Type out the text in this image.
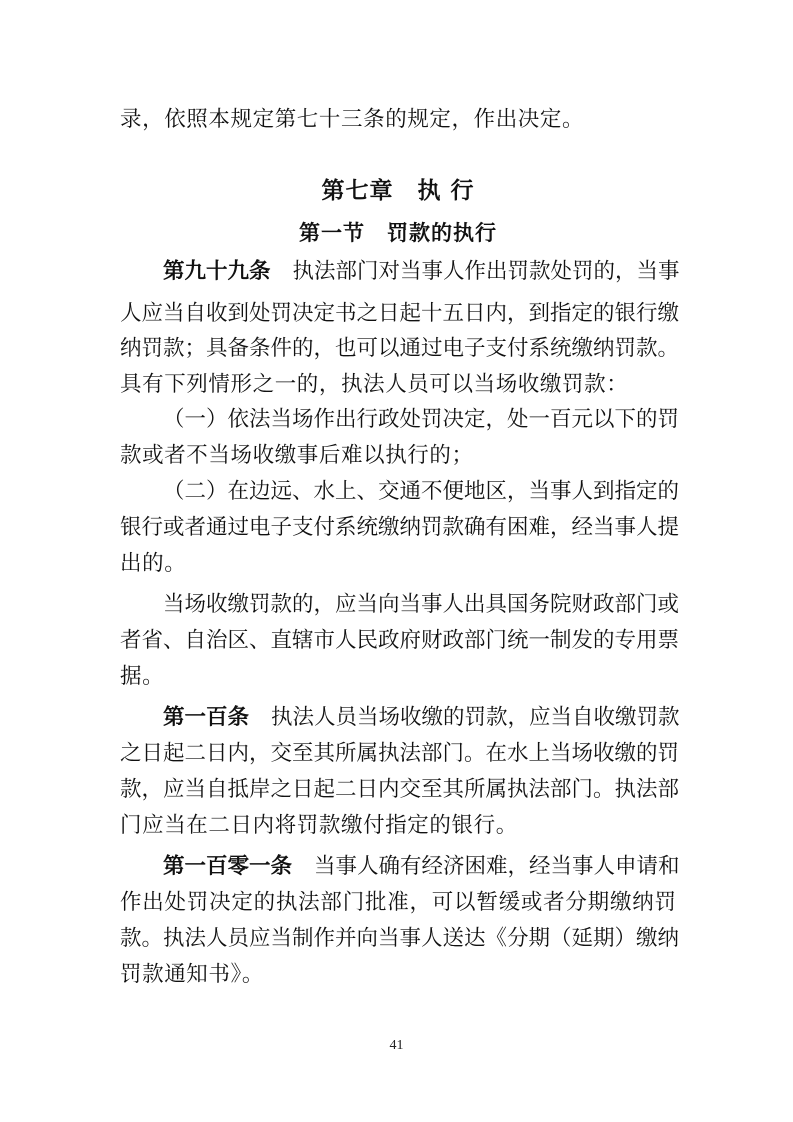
录，依照本规定第七十三条的规定，作出决定。
第七章　执 行
第一节　罚款的执行
第九十九条 执法部门对当事人作出罚款处罚的，当事
人应当自收到处罚决定书之日起十五日内，到指定的银行缴
纳罚款；具备条件的，也可以通过电子支付系统缴纳罚款。
具有下列情形之一的，执法人员可以当场收缴罚款：
（一）依法当场作出行政处罚决定，处一百元以下的罚
款或者不当场收缴事后难以执行的；
（二）在边远、水上、交通不便地区，当事人到指定的
银行或者通过电子支付系统缴纳罚款确有困难，经当事人提
出的。
当场收缴罚款的，应当向当事人出具国务院财政部门或
者省、自治区、直辖市人民政府财政部门统一制发的专用票
据。
第一百条 执法人员当场收缴的罚款，应当自收缴罚款
之日起二日内，交至其所属执法部门。在水上当场收缴的罚
款，应当自抵岸之日起二日内交至其所属执法部门。执法部
门应当在二日内将罚款缴付指定的银行。
第一百零一条 当事人确有经济困难，经当事人申请和
作出处罚决定的执法部门批准，可以暂缓或者分期缴纳罚
款。执法人员应当制作并向当事人送达《分期（延期）缴纳
罚款通知书》。
41
